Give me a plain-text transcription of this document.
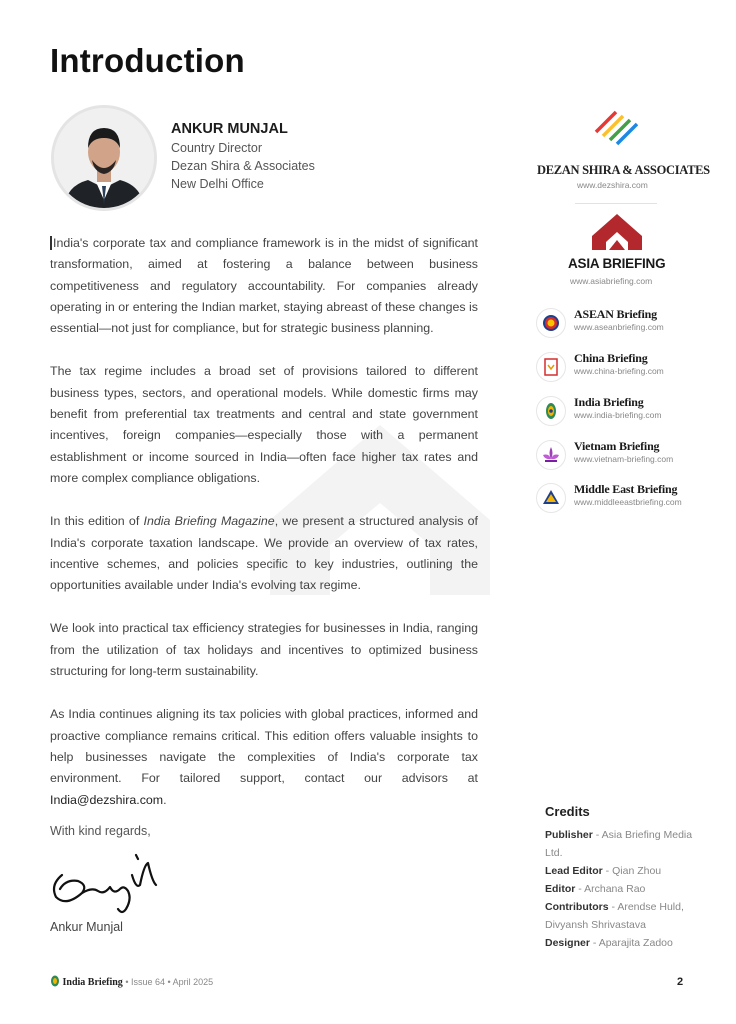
Introduction
ANKUR MUNJAL
Country Director
Dezan Shira & Associates
New Delhi Office

India's corporate tax and compliance framework is in the midst of significant transformation, aimed at fostering a balance between business competitiveness and regulatory accountability. For companies already operating in or entering the Indian market, staying abreast of these changes is essential—not just for compliance, but for strategic business planning.

The tax regime includes a broad set of provisions tailored to different business types, sectors, and operational models. While domestic firms may benefit from preferential tax treatments and central and state government incentives, foreign companies—especially those with a permanent establishment or income sourced in India—often face higher tax rates and more complex compliance obligations.

In this edition of India Briefing Magazine, we present a structured analysis of India's corporate taxation landscape. We provide an overview of tax rates, incentive schemes, and policies specific to key industries, outlining the opportunities available under India's evolving tax regime.

We look into practical tax efficiency strategies for businesses in India, ranging from the utilization of tax holidays and incentives to optimized business structuring for long-term sustainability.

As India continues aligning its tax policies with global practices, informed and proactive compliance remains critical. This edition offers valuable insights to help businesses navigate the complexities of India's corporate tax environment. For tailored support, contact our advisors at India@dezshira.com.

With kind regards,
Ankur Munjal
DEZAN SHIRA & ASSOCIATES
www.dezshira.com
ASIA BRIEFING
www.asiabriefing.com
ASEAN Briefing
www.aseanbriefing.com
China Briefing
www.china-briefing.com
India Briefing
www.india-briefing.com
Vietnam Briefing
www.vietnam-briefing.com
Middle East Briefing
www.middleeastbriefing.com
Credits
Publisher - Asia Briefing Media Ltd.
Lead Editor - Qian Zhou
Editor - Archana Rao
Contributors - Arendse Huld, Divyansh Shrivastava
Designer - Aparajita Zadoo
India Briefing • Issue 64 • April 2025	2
